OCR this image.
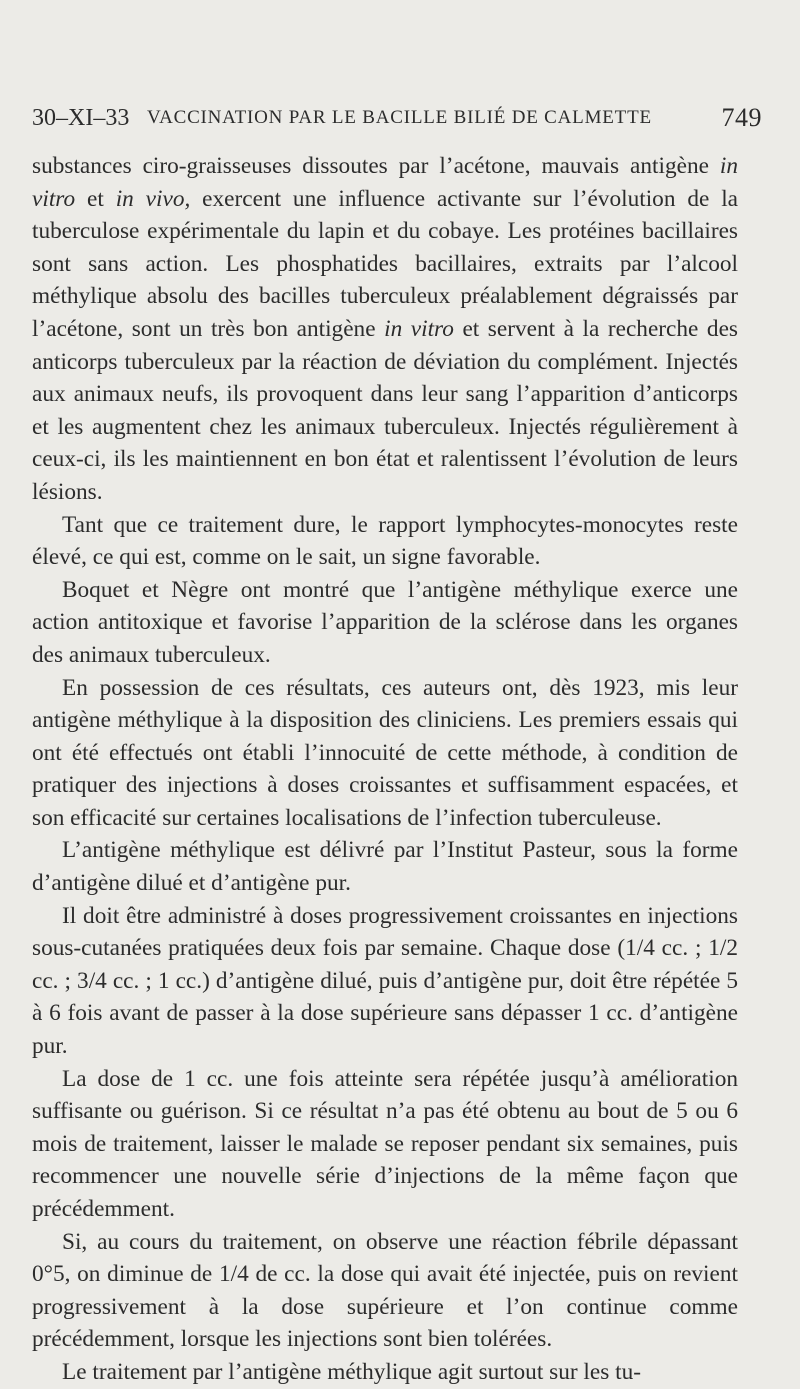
30–XI–33 VACCINATION PAR LE BACILLE BILIÉ DE CALMETTE	749

substances ciro-graisseuses dissoutes par l’acétone, mauvais antigène in vitro et in vivo, exercent une influence activante sur l’évolution de la tuberculose expérimentale du lapin et du cobaye. Les protéines bacillaires sont sans action. Les phosphatides bacillaires, extraits par l’alcool méthylique absolu des bacilles tuberculeux préalablement dégraissés par l’acétone, sont un très bon antigène in vitro et servent à la recherche des anticorps tuberculeux par la réaction de déviation du complément. Injectés aux animaux neufs, ils provoquent dans leur sang l’apparition d’anticorps et les augmentent chez les animaux tuberculeux. Injectés régulièrement à ceux-ci, ils les maintiennent en bon état et ralentissent l’évolution de leurs lésions.

Tant que ce traitement dure, le rapport lymphocytes-monocytes reste élevé, ce qui est, comme on le sait, un signe favorable.

Boquet et Nègre ont montré que l’antigène méthylique exerce une action antitoxique et favorise l’apparition de la sclérose dans les organes des animaux tuberculeux.

En possession de ces résultats, ces auteurs ont, dès 1923, mis leur antigène méthylique à la disposition des cliniciens. Les premiers essais qui ont été effectués ont établi l’innocuité de cette méthode, à condition de pratiquer des injections à doses croissantes et suffisamment espacées, et son efficacité sur certaines localisations de l’infection tuberculeuse.

L’antigène méthylique est délivré par l’Institut Pasteur, sous la forme d’antigène dilué et d’antigène pur.

Il doit être administré à doses progressivement croissantes en injections sous-cutanées pratiquées deux fois par semaine. Chaque dose (1/4 cc. ; 1/2 cc. ; 3/4 cc. ; 1 cc.) d’antigène dilué, puis d’antigène pur, doit être répétée 5 à 6 fois avant de passer à la dose supérieure sans dépasser 1 cc. d’antigène pur.

La dose de 1 cc. une fois atteinte sera répétée jusqu’à amélioration suffisante ou guérison. Si ce résultat n’a pas été obtenu au bout de 5 ou 6 mois de traitement, laisser le malade se reposer pendant six semaines, puis recommencer une nouvelle série d’injections de la même façon que précédemment.

Si, au cours du traitement, on observe une réaction fébrile dépassant 0°5, on diminue de 1/4 de cc. la dose qui avait été injectée, puis on revient progressivement à la dose supérieure et l’on continue comme précédemment, lorsque les injections sont bien tolérées.

Le traitement par l’antigène méthylique agit surtout sur les tu-
